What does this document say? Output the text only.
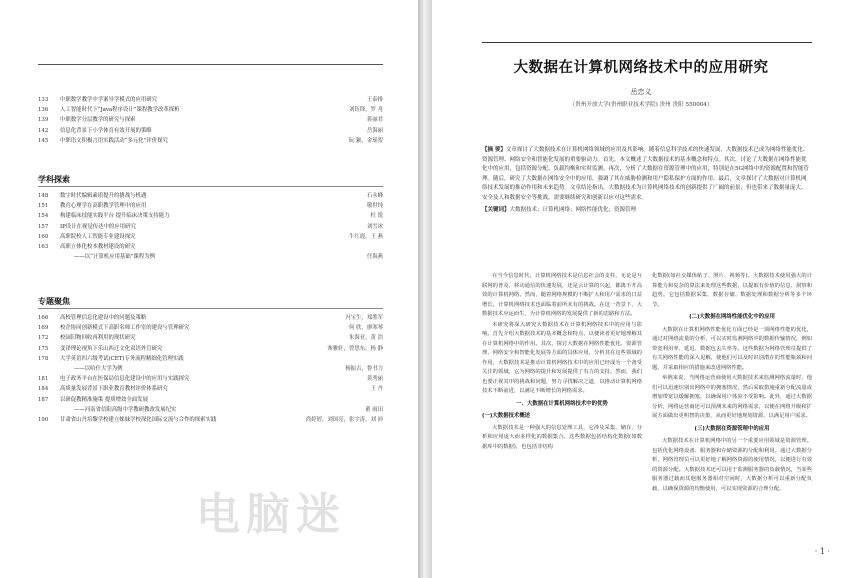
133	中职数学教学中学案导学模式的应用研究	王泰排
136	人工智能时代下“Java程序设计”课程教学改革探析	刘钰锋，罗 舟
139	中职数学分层教学的研究与探索	蒋丽君
142	信息化背景下小学体育有效开展的策略	岳海丽
145	中职语文积极言语实践活动“多元化”评价探究	阮 颖，金瑶贺
学科探索
148	数字时代编辑素质提升的挑战与机遇	石永峰
151	教育心理学在高职教学管理中的应用	敬世纯
154	构建临床技能实践平台 提升临床决策支持能力	杜 锐
157	IP设计在视觉传达中的应用研究	刘雪冰
160	高职院校人工智能专业建设探究	牛红霞，王 燕
163	高职立体化校本教材建设的研究
——以“计算机应用基础”课程为例	任海燕
专题聚焦
166	高校管理信息化建设中的问题及策略	冯宝生，郑胜军
169	校企协同创新模式下高职名师工作室的建设与管理研究	何 欣，廖寒琴
172	校园旧物回收再利用的现状研究	朱海亚，黄 浩
175	变译理论视角下乐山西迁文化双语外宣研究	寨雅轩，曾思东，杨 静
178	大学英语四六级考试(CET)专务流程精细化管理实践
——以哈什大学为例	杨振吉，鲁书力
181	电子政务平台在医保局信息化建设中的应用与实践探究	黄秀丽
184	高质量发展背景下职业教育教材评价体系研究	王 丹
187	以研促教精准施策 提质增效全面发展
——河南省信阳高级中学教研教改发展纪实	董 雨田
190	甘肃省山丹培黎学校建立姊妹学校深化国际交流与合作的探索实践	尚婷婷，刘国亮，张宇涛，刘 沛
大数据在计算机网络技术中的应用研究
岳忠义
（贵州开放大学(贵州职业技术学院) 贵州 贵阳 550004）
【摘 要】文章探讨了大数据技术在计算机网络领域的应用及其影响。随着信息科学技术的快速发展，大数据技术已成为网络性能优化、资源管理、网络安全和智能化发展的重要驱动力。首先，本文概述了大数据技术的基本概念和特点。其次，讨论了大数据在网络性能优化中的应用，包括资源分配、负载均衡和实时监测。再次，分析了大数据在资源管理中的应用，特别是在5G网络中的资源配置和智能管理。随后，研究了大数据在网络安全中的应用，强调了其在威胁检测和用户隐私保护方面的作用。最后，文章探讨了大数据对计算机网络技术发展的推动作用和未来趋势。文章结论指出，大数据技术为计算机网络技术的创新提供了广阔的前景，但也带来了数据量庞大、安全及人和数据安全等挑战，需要继续研究和创新以应对这些需求。
【关键词】大数据技术；计算机网络；网络性能优化；资源管理

在当今信息时代，计算机网络技术是信息社会的支柱，无论是互联网的普及、移动通信的快速发展，还是云计算的兴起，都离不开高效的计算机网络。然而，随着网络规模的不断扩大和用户需求的日益增长，计算机网络技术也面临着前所未有的挑战。在这一背景下，大数据技术应运而生，为计算机网络的发展提供了新的思路和方法。

本研究将深入研究大数据技术在计算机网络技术中的应用与影响。首先介绍大数据技术的基本概念和特点，以便读者更好地理解其在计算机网络中的作用。其次，探讨大数据在网络性能优化、资源管理、网络安全和智能化发展等方面的具体应用，分析其在这些领域的作用，大数据技术是推动计算机网络技术中的应用已经成为一个备受关注的领域，它为网络的提升和发展提供了有力的支持。然而，我们也要正视其中的挑战和问题，努力寻找解决之道，以推动计算机网络技术不断前进，以满足不断增长的网络需求。

一、大数据在计算机网络技术中的优势
(一)大数据技术概述

大数据技术是一种强大的信息处理工具，它涉及采集、储存、分析和应用庞大而多样化的数据集合。这些数据包括结构化数据(如数据库中的数据)，也包括非结构

化数据(如社交媒体帖子、照片、视频等)。大数据技术使用强大的计算能力和复杂的算法来处理这些数据，以提取有价值的信息、洞察和趋势。它包括数据采集、数据存储、数据处理和数据分析等多个环节。

(二)大数据在网络性能优化中的应用

大数据在计算机网络性能优化方面已经是一项网络性能的优化，通过对网络流量的分析，可以实时监测网络中的数据传输情况，例如带宽利用率、延迟、数据包丢失率等。这些数据为网络管理员提供了有关网络性能的深入见解，使他们可以及时识别潜在的性能瓶颈和问题，并采取相应的措施来改进网络性能。

举例来说，当网络运营商使用大数据技术来监测网络流量时，他们可以迅速识别出网络中的拥塞情况，然后采取措施重新分配流量或增加带宽以缓解拥塞，以确保用户体验不受影响。此外，通过大数据分析，网络运营商还可以预测未来的网络需求，以便在网络升级和扩展方面做出更明智的决策，从而更好地规划资源，以满足用户需求。

(三)大数据在资源管理中的应用

大数据技术在计算机网络中的另一个重要应用领域是资源管理。包括优化网络设备、服务器和存储资源的分配和利用。通过大数据分析，网络管理员可以更好地了解网络资源的使用情况，以便进行有效的资源分配。大数据技术还可以用于监测服务器的负载情况，当某些服务器过载而其他服务器相对空闲时，大数据分析可以重新分配负载，以确保资源的均衡使用，可以实现资源的合理分配。

· 1 ·
电脑迷
